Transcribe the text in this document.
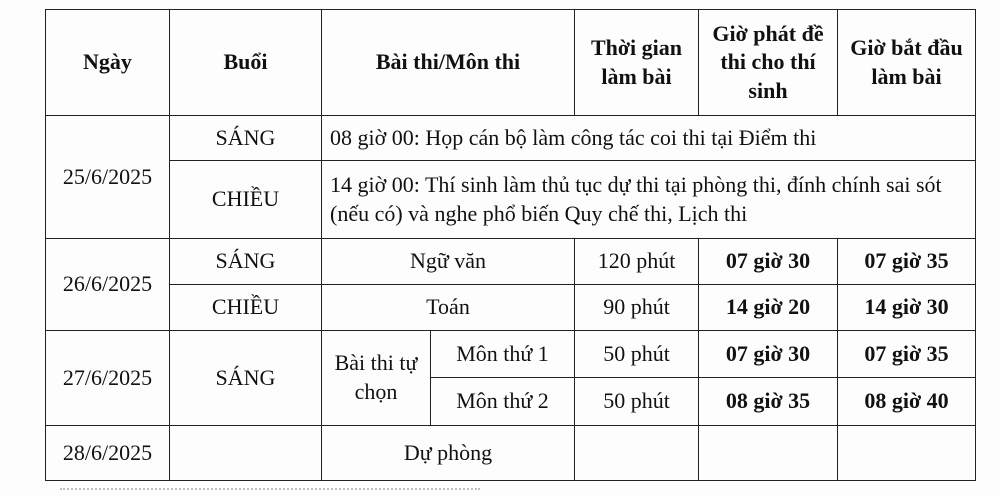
Ngày	Buổi	Bài thi/Môn thi		Thời gian làm bài	Giờ phát đề thi cho thí sinh	Giờ bắt đầu làm bài
25/6/2025	SÁNG	08 giờ 00: Họp cán bộ làm công tác coi thi tại Điểm thi				
	CHIỀU	14 giờ 00: Thí sinh làm thủ tục dự thi tại phòng thi, đính chính sai sót (nếu có) và nghe phổ biến Quy chế thi, Lịch thi				
26/6/2025	SÁNG	Ngữ văn		120 phút	07 giờ 30	07 giờ 35
	CHIỀU	Toán		90 phút	14 giờ 20	14 giờ 30
27/6/2025	SÁNG	Bài thi tự chọn	Môn thứ 1	50 phút	07 giờ 30	07 giờ 35
			Môn thứ 2	50 phút	08 giờ 35	08 giờ 40
28/6/2025		Dự phòng				
